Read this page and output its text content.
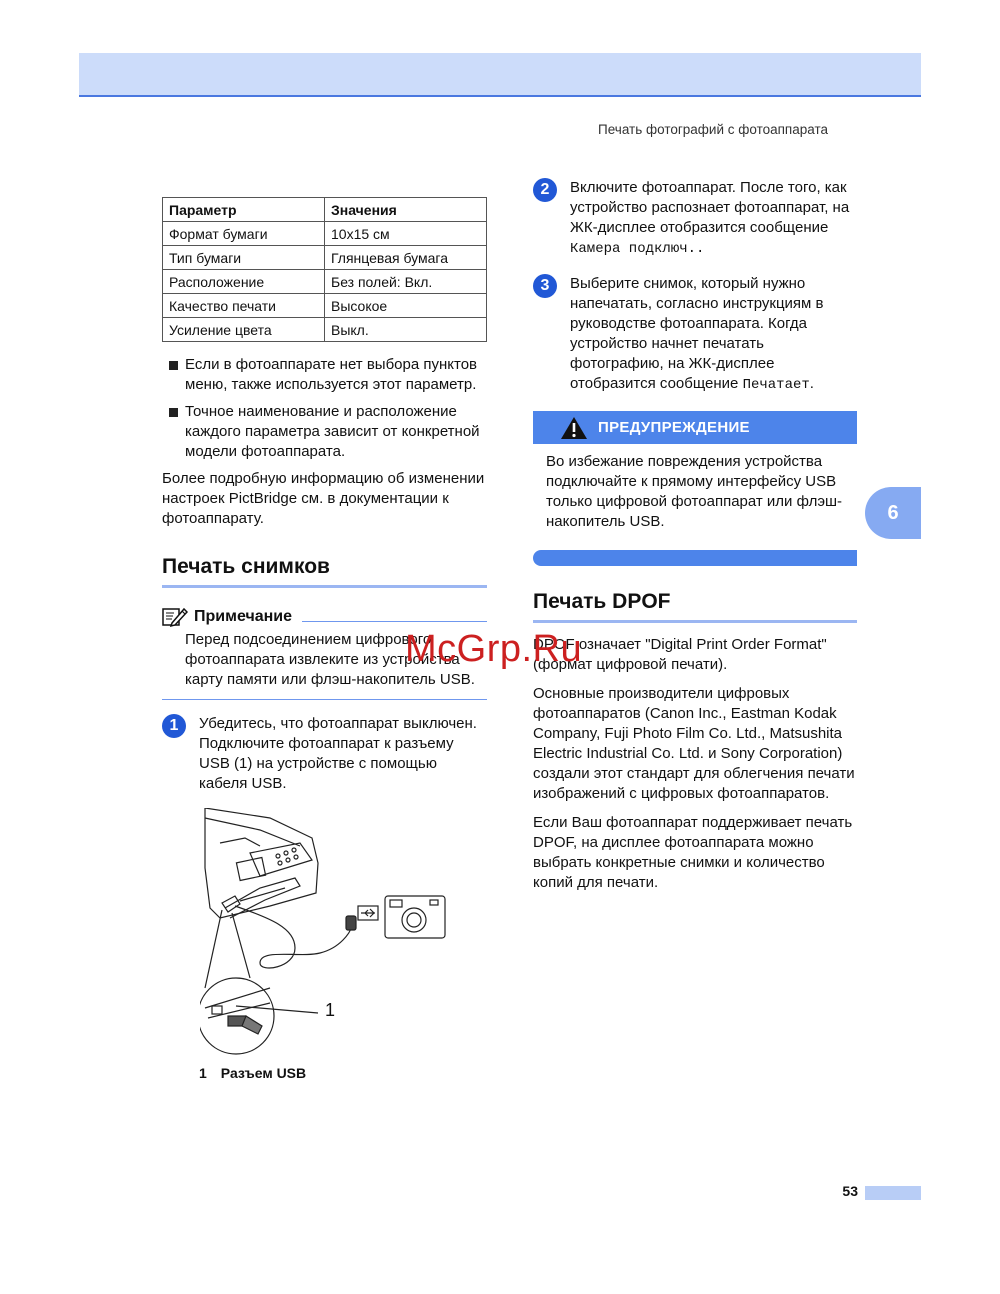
Печать фотографий с фотоаппарата
Параметр	Значения
Формат бумаги	10x15 см
Тип бумаги	Глянцевая бумага
Расположение	Без полей: Вкл.
Качество печати	Высокое
Усиление цвета	Выкл.
Если в фотоаппарате нет выбора пунктов меню, также используется этот параметр.
Точное наименование и расположение каждого параметра зависит от конкретной модели фотоаппарата.

Более подробную информацию об изменении настроек PictBridge см. в документации к фотоаппарату.

Печать снимков
Примечание

Перед подсоединением цифрового фотоаппарата извлеките из устройства карту памяти или флэш-накопитель USB.

1	Убедитесь, что фотоаппарат выключен. Подключите фотоаппарат к разъему USB (1) на устройстве с помощью кабеля USB.

1

1 Разъем USB

2	Включите фотоаппарат. После того, как устройство распознает фотоаппарат, на ЖК-дисплее отобразится сообщение
Камера подключ..

3	Выберите снимок, который нужно напечатать, согласно инструкциям в руководстве фотоаппарата. Когда устройство начнет печатать фотографию, на ЖК-дисплее отобразится сообщение Печатает.

ПРЕДУПРЕЖДЕНИЕ

Во избежание повреждения устройства подключайте к прямому интерфейсу USB только цифровой фотоаппарат или флэш-накопитель USB.

Печать DPOF

DPOF означает "Digital Print Order Format" (формат цифровой печати).

Основные производители цифровых фотоаппаратов (Canon Inc., Eastman Kodak Company, Fuji Photo Film Co. Ltd., Matsushita Electric Industrial Co. Ltd. и Sony Corporation) создали этот стандарт для облегчения печати изображений с цифровых фотоаппаратов.

Если Ваш фотоаппарат поддерживает печать DPOF, на дисплее фотоаппарата можно выбрать конкретные снимки и количество копий для печати.

6
McGrp.Ru
53
